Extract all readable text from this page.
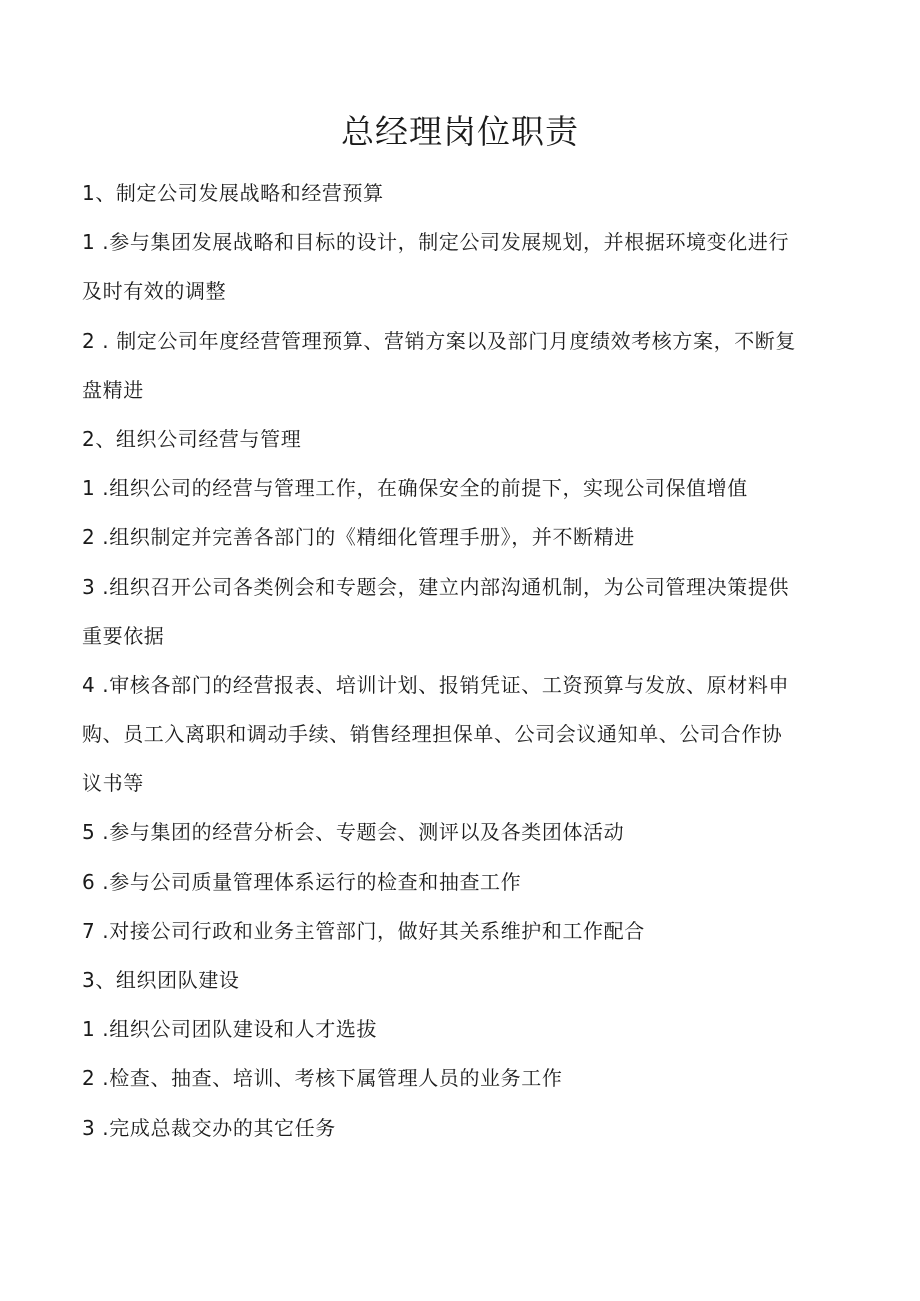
总经理岗位职责
1、制定公司发展战略和经营预算
1 .参与集团发展战略和目标的设计，制定公司发展规划，并根据环境变化进行
及时有效的调整
2 . 制定公司年度经营管理预算、营销方案以及部门月度绩效考核方案，不断复
盘精进
2、组织公司经营与管理
1 .组织公司的经营与管理工作，在确保安全的前提下，实现公司保值增值
2 .组织制定并完善各部门的《精细化管理手册》，并不断精进
3 .组织召开公司各类例会和专题会，建立内部沟通机制，为公司管理决策提供
重要依据
4 .审核各部门的经营报表、培训计划、报销凭证、工资预算与发放、原材料申
购、员工入离职和调动手续、销售经理担保单、公司会议通知单、公司合作协
议书等
5 .参与集团的经营分析会、专题会、测评以及各类团体活动
6 .参与公司质量管理体系运行的检查和抽查工作
7 .对接公司行政和业务主管部门，做好其关系维护和工作配合
3、组织团队建设
1 .组织公司团队建设和人才选拔
2 .检查、抽查、培训、考核下属管理人员的业务工作
3 .完成总裁交办的其它任务
